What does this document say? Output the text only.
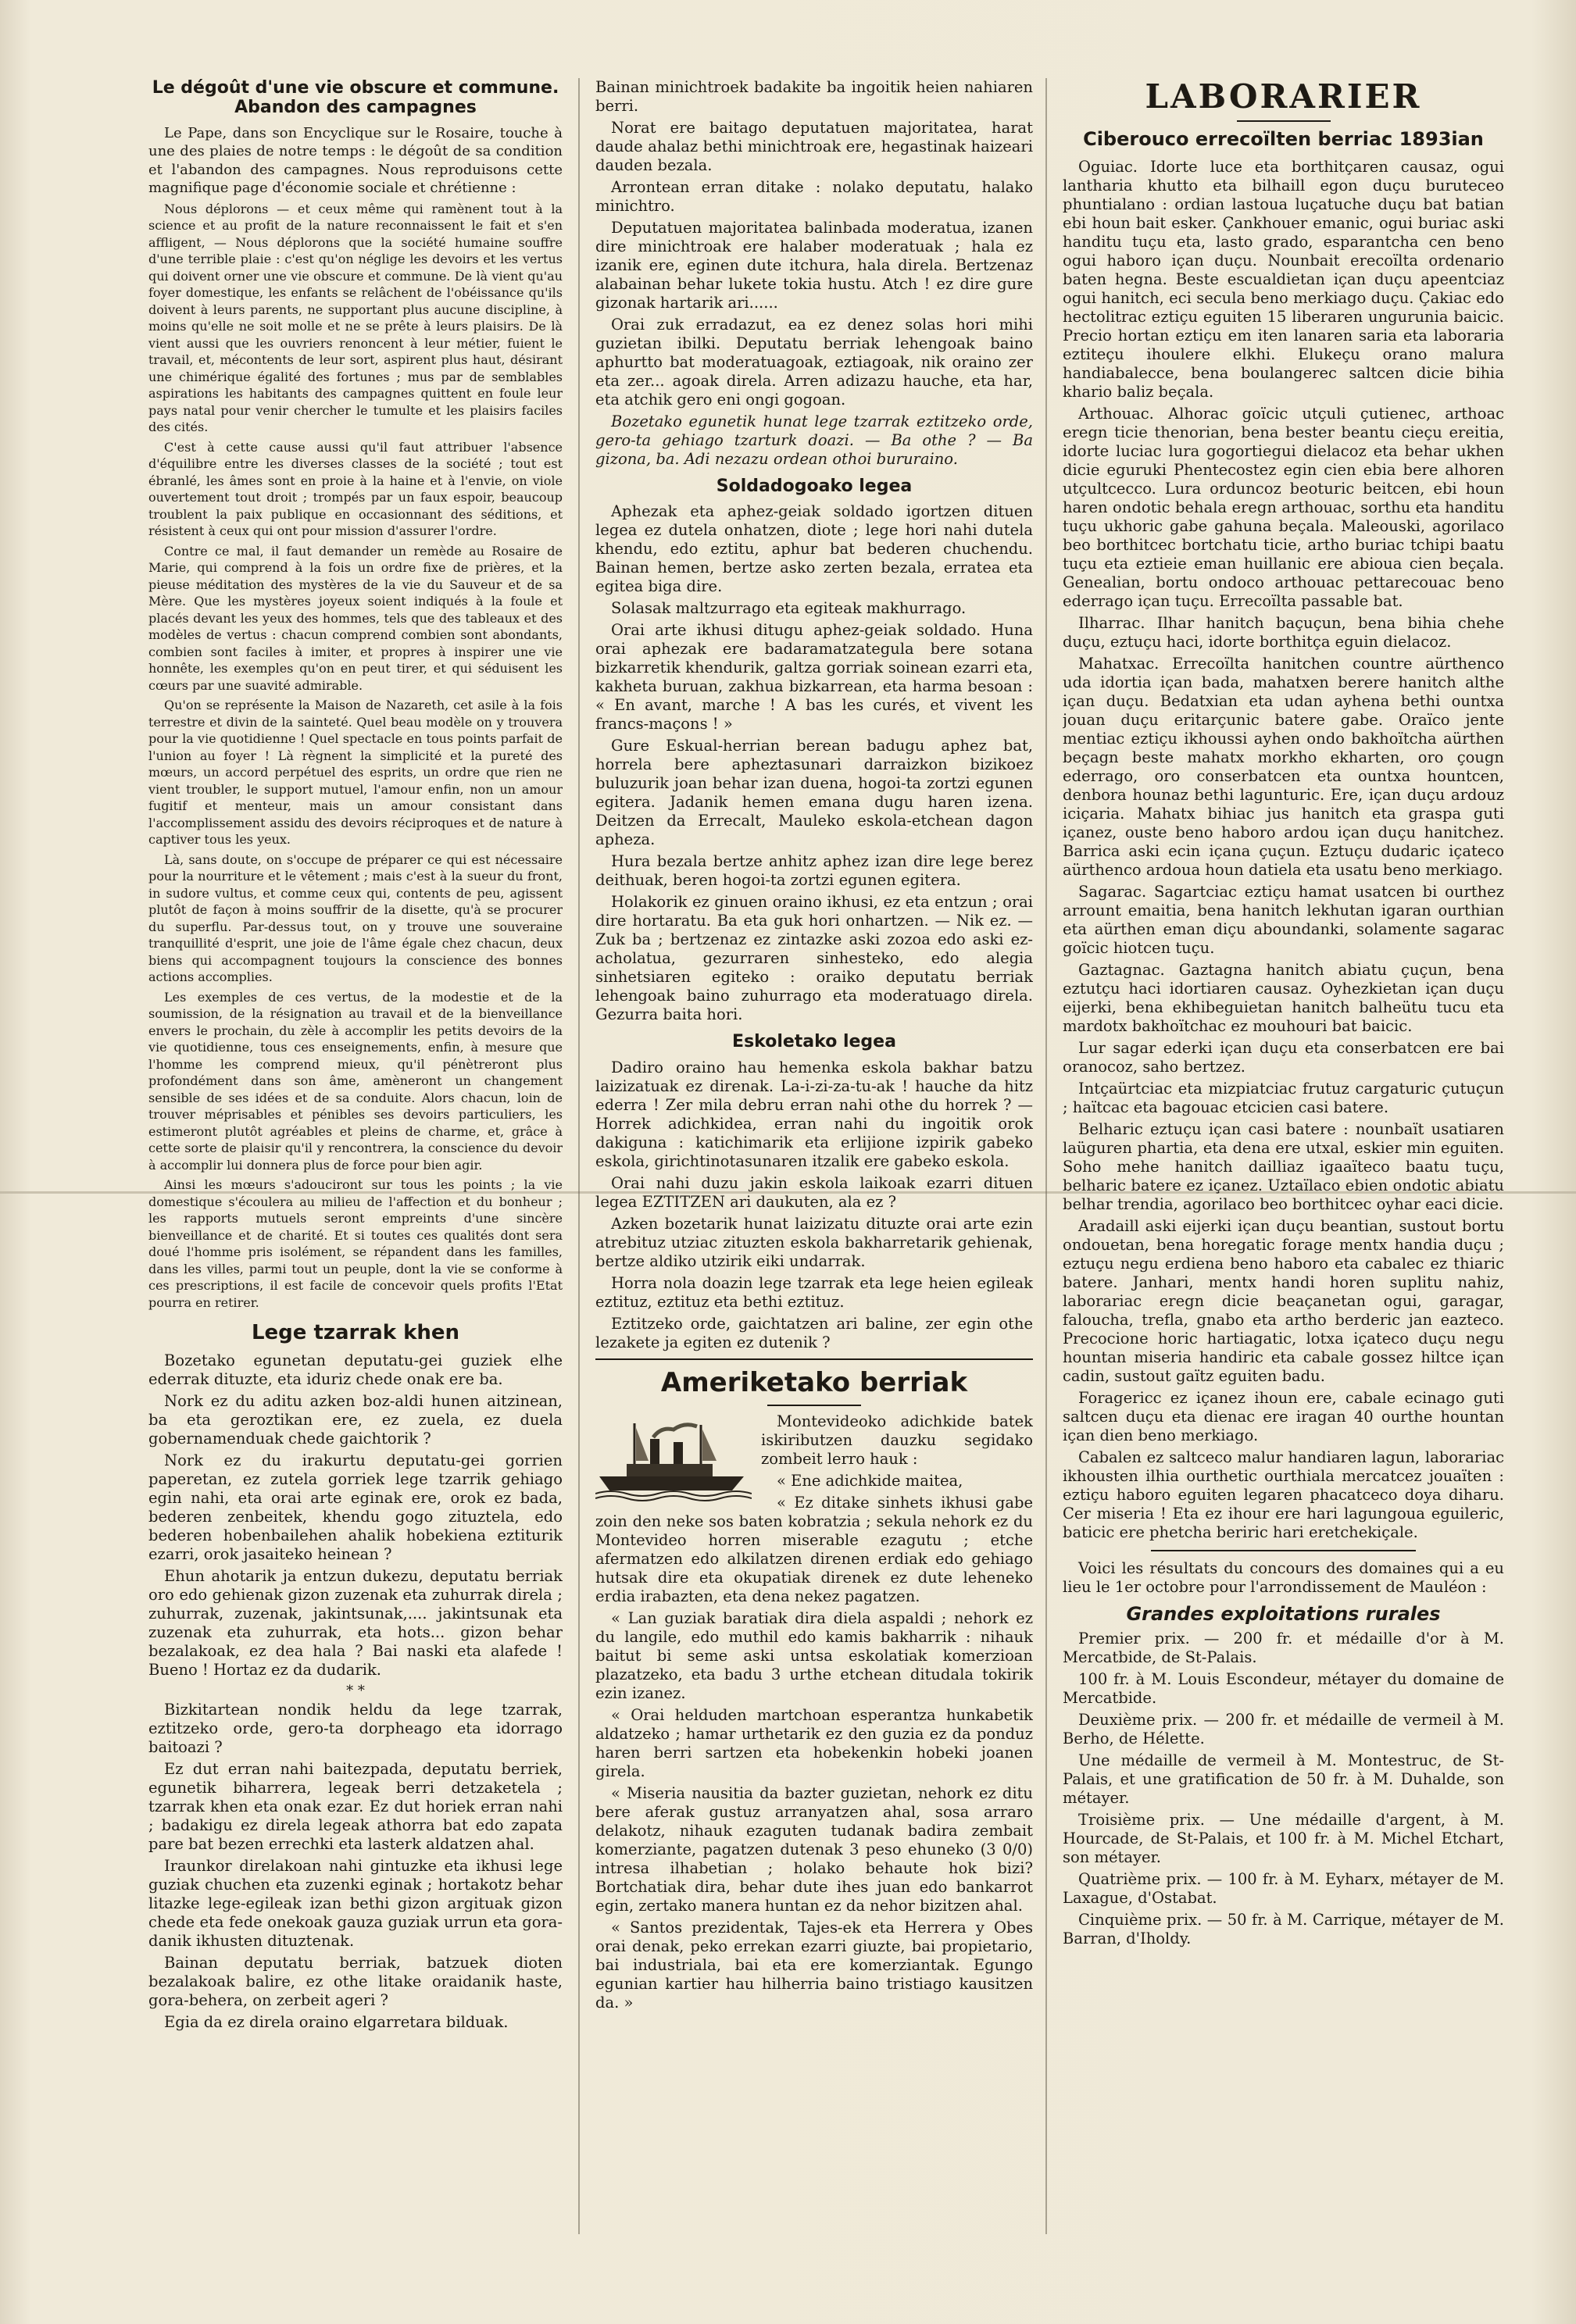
Le dégoût d'une vie obscure et commune. Abandon des campagnes

Le Pape, dans son Encyclique sur le Rosaire, touche à une des plaies de notre temps : le dégoût de sa condition et l'abandon des campagnes. Nous reproduisons cette magnifique page d'économie sociale et chrétienne :

Nous déplorons — et ceux même qui ramènent tout à la science et au profit de la nature reconnaissent le fait et s'en affligent, — Nous déplorons que la société humaine souffre d'une terrible plaie : c'est qu'on néglige les devoirs et les vertus qui doivent orner une vie obscure et commune. De là vient qu'au foyer domestique, les enfants se relâchent de l'obéissance qu'ils doivent à leurs parents, ne supportant plus aucune discipline, à moins qu'elle ne soit molle et ne se prête à leurs plaisirs. De là vient aussi que les ouvriers renoncent à leur métier, fuient le travail, et, mécontents de leur sort, aspirent plus haut, désirant une chimérique égalité des fortunes ; mus par de semblables aspirations les habitants des campagnes quittent en foule leur pays natal pour venir chercher le tumulte et les plaisirs faciles des cités.

C'est à cette cause aussi qu'il faut attribuer l'absence d'équilibre entre les diverses classes de la société ; tout est ébranlé, les âmes sont en proie à la haine et à l'envie, on viole ouvertement tout droit ; trompés par un faux espoir, beaucoup troublent la paix publique en occasionnant des séditions, et résistent à ceux qui ont pour mission d'assurer l'ordre.

Contre ce mal, il faut demander un remède au Rosaire de Marie, qui comprend à la fois un ordre fixe de prières, et la pieuse méditation des mystères de la vie du Sauveur et de sa Mère. Que les mystères joyeux soient indiqués à la foule et placés devant les yeux des hommes, tels que des tableaux et des modèles de vertus : chacun comprend combien sont abondants, combien sont faciles à imiter, et propres à inspirer une vie honnête, les exemples qu'on en peut tirer, et qui séduisent les cœurs par une suavité admirable.

Qu'on se représente la Maison de Nazareth, cet asile à la fois terrestre et divin de la sainteté. Quel beau modèle on y trouvera pour la vie quotidienne ! Quel spectacle en tous points parfait de l'union au foyer ! Là règnent la simplicité et la pureté des mœurs, un accord perpétuel des esprits, un ordre que rien ne vient troubler, le support mutuel, l'amour enfin, non un amour fugitif et menteur, mais un amour consistant dans l'accomplissement assidu des devoirs réciproques et de nature à captiver tous les yeux.

Là, sans doute, on s'occupe de préparer ce qui est nécessaire pour la nourriture et le vêtement ; mais c'est à la sueur du front, in sudore vultus, et comme ceux qui, contents de peu, agissent plutôt de façon à moins souffrir de la disette, qu'à se procurer du superflu. Par-dessus tout, on y trouve une souveraine tranquillité d'esprit, une joie de l'âme égale chez chacun, deux biens qui accompagnent toujours la conscience des bonnes actions accomplies.

Les exemples de ces vertus, de la modestie et de la soumission, de la résignation au travail et de la bienveillance envers le prochain, du zèle à accomplir les petits devoirs de la vie quotidienne, tous ces enseignements, enfin, à mesure que l'homme les comprend mieux, qu'il pénètreront plus profondément dans son âme, amèneront un changement sensible de ses idées et de sa conduite. Alors chacun, loin de trouver méprisables et pénibles ses devoirs particuliers, les estimeront plutôt agréables et pleins de charme, et, grâce à cette sorte de plaisir qu'il y rencontrera, la conscience du devoir à accomplir lui donnera plus de force pour bien agir.

Ainsi les mœurs s'adouciront sur tous les points ; la vie domestique s'écoulera au milieu de l'affection et du bonheur ; les rapports mutuels seront empreints d'une sincère bienveillance et de charité. Et si toutes ces qualités dont sera doué l'homme pris isolément, se répandent dans les familles, dans les villes, parmi tout un peuple, dont la vie se conforme à ces prescriptions, il est facile de concevoir quels profits l'Etat pourra en retirer.

Lege tzarrak khen

Bozetako egunetan deputatu-gei guziek elhe ederrak dituzte, eta iduriz chede onak ere ba.

Nork ez du aditu azken boz-aldi hunen aitzinean, ba eta geroztikan ere, ez zuela, ez duela gobernamenduak chede gaichtorik ?

Nork ez du irakurtu deputatu-gei gorrien paperetan, ez zutela gorriek lege tzarrik gehiago egin nahi, eta orai arte eginak ere, orok ez bada, bederen zenbeitek, khendu gogo zituztela, edo bederen hobenbailehen ahalik hobekiena eztiturik ezarri, orok jasaiteko heinean ?

Ehun ahotarik ja entzun dukezu, deputatu berriak oro edo gehienak gizon zuzenak eta zuhurrak direla ; zuhurrak, zuzenak, jakintsunak,.... jakintsunak eta zuzenak eta zuhurrak, eta hots... gizon behar bezalakoak, ez dea hala ? Bai naski eta alafede ! Bueno ! Hortaz ez da dudarik.

* *

Bizkitartean nondik heldu da lege tzarrak, eztitzeko orde, gero-ta dorpheago eta idorrago baitoazi ?

Ez dut erran nahi baitezpada, deputatu berriek, egunetik biharrera, legeak berri detzaketela ; tzarrak khen eta onak ezar. Ez dut horiek erran nahi ; badakigu ez direla legeak athorra bat edo zapata pare bat bezen errechki eta lasterk aldatzen ahal.

Iraunkor direlakoan nahi gintuzke eta ikhusi lege guziak chuchen eta zuzenki eginak ; hortakotz behar litazke lege-egileak izan bethi gizon argituak gizon chede eta fede onekoak gauza guziak urrun eta gora-danik ikhusten dituztenak.

Bainan deputatu berriak, batzuek dioten bezalakoak balire, ez othe litake oraidanik haste, gora-behera, on zerbeit ageri ?

Egia da ez direla oraino elgarretara bilduak.

Bainan minichtroek badakite ba ingoitik heien nahiaren berri.

Norat ere baitago deputatuen majoritatea, harat daude ahalaz bethi minichtroak ere, hegastinak haizeari dauden bezala.

Arrontean erran ditake : nolako deputatu, halako minichtro.

Deputatuen majoritatea balinbada moderatua, izanen dire minichtroak ere halaber moderatuak ; hala ez izanik ere, eginen dute itchura, hala direla. Bertzenaz alabainan behar lukete tokia hustu. Atch ! ez dire gure gizonak hartarik ari......

Orai zuk erradazut, ea ez denez solas hori mihi guzietan ibilki. Deputatu berriak lehengoak baino aphurtto bat moderatuagoak, eztiagoak, nik oraino zer eta zer... agoak direla. Arren adizazu hauche, eta har, eta atchik gero eni ongi gogoan.

Bozetako egunetik hunat lege tzarrak eztitzeko orde, gero-ta gehiago tzarturk doazi. — Ba othe ? — Ba gizona, ba. Adi nezazu ordean othoi bururaino.

Soldadogoako legea

Aphezak eta aphez-geiak soldado igortzen dituen legea ez dutela onhatzen, diote ; lege hori nahi dutela khendu, edo eztitu, aphur bat bederen chuchendu. Bainan hemen, bertze asko zerten bezala, erratea eta egitea biga dire.

Solasak maltzurrago eta egiteak makhurrago.

Orai arte ikhusi ditugu aphez-geiak soldado. Huna orai aphezak ere badaramatzategula bere sotana bizkarretik khendurik, galtza gorriak soinean ezarri eta, kakheta buruan, zakhua bizkarrean, eta harma besoan : « En avant, marche ! A bas les curés, et vivent les francs-maçons ! »

Gure Eskual-herrian berean badugu aphez bat, horrela bere apheztasunari darraizkon bizikoez buluzurik joan behar izan duena, hogoi-ta zortzi egunen egitera. Jadanik hemen emana dugu haren izena. Deitzen da Errecalt, Mauleko eskola-etchean dagon apheza.

Hura bezala bertze anhitz aphez izan dire lege berez deithuak, beren hogoi-ta zortzi egunen egitera.

Holakorik ez ginuen oraino ikhusi, ez eta entzun ; orai dire hortaratu. Ba eta guk hori onhartzen. — Nik ez. — Zuk ba ; bertzenaz ez zintazke aski zozoa edo aski ez-acholatua, gezurraren sinhesteko, edo alegia sinhetsiaren egiteko : oraiko deputatu berriak lehengoak baino zuhurrago eta moderatuago direla. Gezurra baita hori.

Eskoletako legea

Dadiro oraino hau hemenka eskola bakhar batzu laizizatuak ez direnak. La-i-zi-za-tu-ak ! hauche da hitz ederra ! Zer mila debru erran nahi othe du horrek ? — Horrek adichkidea, erran nahi du ingoitik orok dakiguna : katichimarik eta erlijione izpirik gabeko eskola, girichtinotasunaren itzalik ere gabeko eskola.

Orai nahi duzu jakin eskola laikoak ezarri dituen legea EZTITZEN ari daukuten, ala ez ?

Azken bozetarik hunat laizizatu dituzte orai arte ezin atrebituz utziac zituzten eskola bakharretarik gehienak, bertze aldiko utzirik eiki undarrak.

Horra nola doazin lege tzarrak eta lege heien egileak eztituz, eztituz eta bethi eztituz.

Eztitzeko orde, gaichtatzen ari baline, zer egin othe lezakete ja egiten ez dutenik ?

Ameriketako berriak

Montevideoko adichkide batek iskiributzen dauzku segidako zombeit lerro hauk :

« Ene adichkide maitea,

« Ez ditake sinhets ikhusi gabe zoin den neke sos baten kobratzia ; sekula nehork ez du Montevideo horren miserable ezagutu ; etche afermatzen edo alkilatzen direnen erdiak edo gehiago hutsak dire eta okupatiak direnek ez dute leheneko erdia irabazten, eta dena nekez pagatzen.

« Lan guziak baratiak dira diela aspaldi ; nehork ez du langile, edo muthil edo kamis bakharrik : nihauk baitut bi seme aski untsa eskolatiak komerzioan plazatzeko, eta badu 3 urthe etchean ditudala tokirik ezin izanez.

« Orai helduden martchoan esperantza hunkabetik aldatzeko ; hamar urthetarik ez den guzia ez da ponduz haren berri sartzen eta hobekenkin hobeki joanen girela.

« Miseria nausitia da bazter guzietan, nehork ez ditu bere aferak gustuz arranyatzen ahal, sosa arraro delakotz, nihauk ezaguten tudanak badira zembait komerziante, pagatzen dutenak 3 peso ehuneko (3 0/0) intresa ilhabetian ; holako behaute hok bizi? Bortchatiak dira, behar dute ihes juan edo bankarrot egin, zertako manera huntan ez da nehor bizitzen ahal.

« Santos prezidentak, Tajes-ek eta Herrera y Obes orai denak, peko errekan ezarri giuzte, bai propietario, bai industriala, bai eta ere komerziantak. Egungo egunian kartier hau hilherria baino tristiago kausitzen da. »

LABORARIER
Ciberouco errecoïlten berriac 1893ian

Oguiac. Idorte luce eta borthitçaren causaz, ogui lantharia khutto eta bilhaill egon duçu buruteceo phuntialano : ordian lastoua luçatuche duçu bat batian ebi houn bait esker. Çankhouer emanic, ogui buriac aski handitu tuçu eta, lasto grado, esparantcha cen beno ogui haboro içan duçu. Nounbait erecoïlta ordenario baten hegna. Beste escualdietan içan duçu apeentciaz ogui hanitch, eci secula beno merkiago duçu. Çakiac edo hectolitrac eztiçu eguiten 15 liberaren ungurunia baicic. Precio hortan eztiçu em iten lanaren saria eta laboraria eztiteçu ihoulere elkhi. Elukeçu orano malura handiabalecce, bena boulangerec saltcen dicie bihia khario baliz beçala.

Arthouac. Alhorac goïcic utçuli çutienec, arthoac eregn ticie thenorian, bena bester beantu cieçu ereitia, idorte luciac lura gogortiegui dielacoz eta behar ukhen dicie eguruki Phentecostez egin cien ebia bere alhoren utçultcecco. Lura orduncoz beoturic beitcen, ebi houn haren ondotic behala eregn arthouac, sorthu eta handitu tuçu ukhoric gabe gahuna beçala. Maleouski, agorilaco beo borthitcec bortchatu ticie, artho buriac tchipi baatu tuçu eta eztieie eman huillanic ere abioua cien beçala. Genealian, bortu ondoco arthouac pettarecouac beno ederrago içan tuçu. Errecoïlta passable bat.

Ilharrac. Ilhar hanitch baçuçun, bena bihia chehe duçu, eztuçu haci, idorte borthitça eguin dielacoz.

Mahatxac. Errecoïlta hanitchen countre aürthenco uda idortia içan bada, mahatxen berere hanitch althe içan duçu. Bedatxian eta udan ayhena bethi ountxa jouan duçu eritarçunic batere gabe. Oraïco jente mentiac eztiçu ikhoussi ayhen ondo bakhoïtcha aürthen beçagn beste mahatx morkho ekharten, oro çougn ederrago, oro conserbatcen eta ountxa hountcen, denbora hounaz bethi lagunturic. Ere, içan duçu ardouz iciçaria. Mahatx bihiac jus hanitch eta graspa guti içanez, ouste beno haboro ardou içan duçu hanitchez. Barrica aski ecin içana çuçun. Eztuçu dudaric içateco aürthenco ardoua houn datiela eta usatu beno merkiago.

Sagarac. Sagartciac eztiçu hamat usatcen bi ourthez arrount emaitia, bena hanitch lekhutan igaran ourthian eta aürthen eman diçu aboundanki, solamente sagarac goïcic hiotcen tuçu.

Gaztagnac. Gaztagna hanitch abiatu çuçun, bena eztutçu haci idortiaren causaz. Oyhezkietan içan duçu eijerki, bena ekhibeguietan hanitch balheütu tucu eta mardotx bakhoïtchac ez mouhouri bat baicic.

Lur sagar ederki içan duçu eta conserbatcen ere bai oranocoz, saho bertzez.

Intçaürtciac eta mizpiatciac frutuz cargaturic çutuçun ; haïtcac eta bagouac etcicien casi batere.

Belharic eztuçu içan casi batere : nounbaït usatiaren laüguren phartia, eta dena ere utxal, eskier min eguiten. Soho mehe hanitch dailliaz igaaïteco baatu tuçu, belharic batere ez içanez. Uztaïlaco ebien ondotic abiatu belhar trendia, agorilaco beo borthitcec oyhar eaci dicie.

Aradaill aski eijerki içan duçu beantian, sustout bortu ondouetan, bena horegatic forage mentx handia duçu ; eztuçu negu erdiena beno haboro eta cabalec ez thiaric batere. Janhari, mentx handi horen suplitu nahiz, laborariac eregn dicie beaçanetan ogui, garagar, faloucha, trefla, gnabo eta artho berderic jan eazteco. Precocione horic hartiagatic, lotxa içateco duçu negu hountan miseria handiric eta cabale gossez hiltce içan cadin, sustout gaïtz eguiten badu.

Foragericc ez içanez ihoun ere, cabale ecinago guti saltcen duçu eta dienac ere iragan 40 ourthe hountan içan dien beno merkiago.

Cabalen ez saltceco malur handiaren lagun, laborariac ikhousten ilhia ourthetic ourthiala mercatcez jouaïten : eztiçu haboro eguiten legaren phacatceco doya diharu. Cer miseria ! Eta ez ihour ere hari lagungoua eguileric, baticic ere phetcha beriric hari eretchekiçale.

Voici les résultats du concours des domaines qui a eu lieu le 1er octobre pour l'arrondissement de Mauléon :

Grandes exploitations rurales

Premier prix. — 200 fr. et médaille d'or à M. Mercatbide, de St-Palais.

100 fr. à M. Louis Escondeur, métayer du domaine de Mercatbide.

Deuxième prix. — 200 fr. et médaille de vermeil à M. Berho, de Hélette.

Une médaille de vermeil à M. Montestruc, de St-Palais, et une gratification de 50 fr. à M. Duhalde, son métayer.

Troisième prix. — Une médaille d'argent, à M. Hourcade, de St-Palais, et 100 fr. à M. Michel Etchart, son métayer.

Quatrième prix. — 100 fr. à M. Eyharx, métayer de M. Laxague, d'Ostabat.

Cinquième prix. — 50 fr. à M. Carrique, métayer de M. Barran, d'Iholdy.
